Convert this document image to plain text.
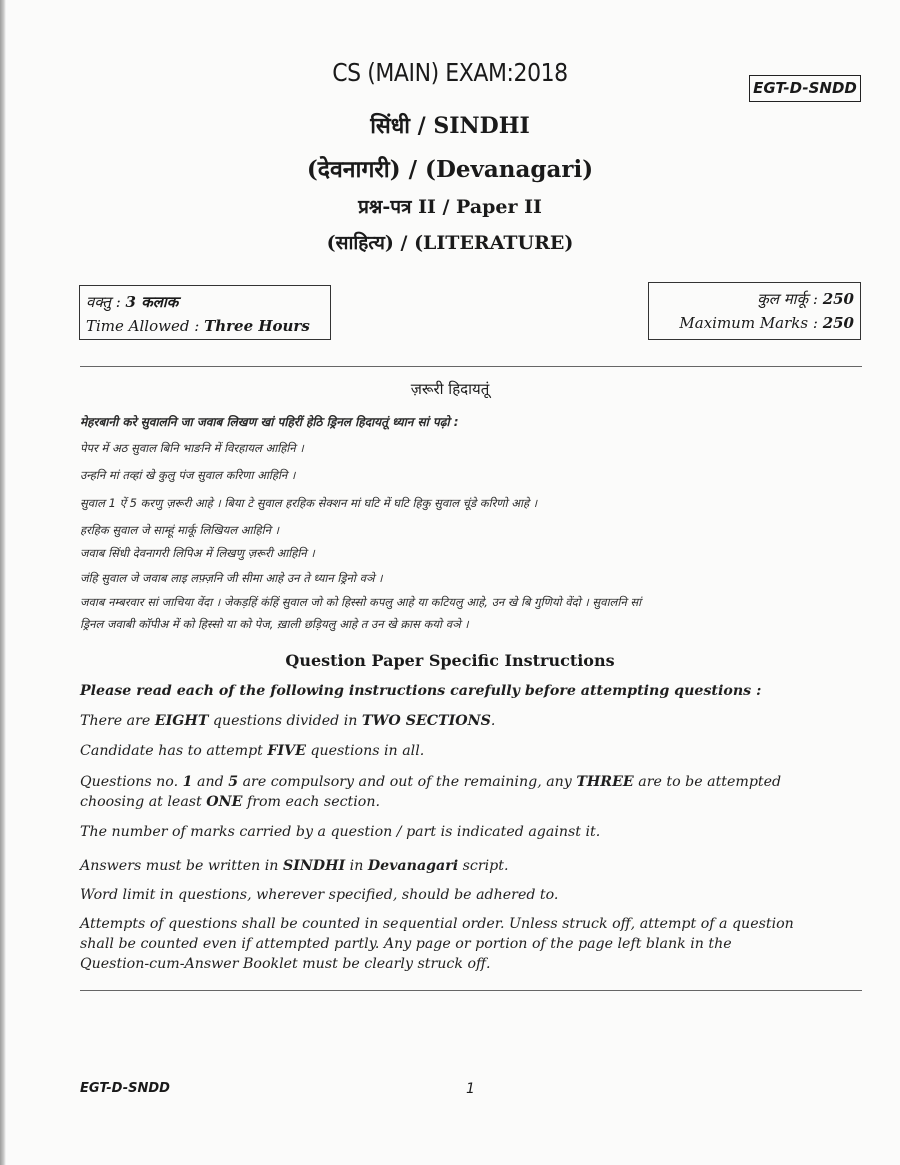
CS (MAIN) EXAM:2018
EGT-D-SNDD
सिंधी / SINDHI
(देवनागरी) / (Devanagari)
प्रश्न-पत्र II / Paper II
(साहित्य) / (LITERATURE)
वक्तु : 3 कलाक
Time Allowed : Three Hours
कुल मार्कू : 250
Maximum Marks : 250
ज़रूरी हिदायतूं
मेहरबानी करे सुवालनि जा जवाब लिखण खां पहिरीं हेठि ड्रिनल हिदायतूं ध्यान सां पढ़ो :
पेपर में अठ सुवाल बिनि भाङनि में विरहायल आहिनि ।
उन्हनि मां तव्हां खे कुलु पंज सुवाल करिणा आहिनि ।
सुवाल 1 ऐं 5 करणु ज़रूरी आहे । बिया टे सुवाल हरहिक सेक्शन मां घटि में घटि हिकु सुवाल चूंडे करिणो आहे ।
हरहिक सुवाल जे साम्हूं मार्कू लिखियल आहिनि ।
जवाब सिंधी देवनागरी लिपिअ में लिखणु ज़रूरी आहिनि ।
जंहि सुवाल जे जवाब लाइ लफ़्ज़नि जी सीमा आहे उन ते ध्यान ड्रिनो वञे ।
जवाब नम्बरवार सां जाचिया वेंदा । जेकड़हिं कंहिं सुवाल जो को हिस्सो कपलु आहे या कटियलु आहे, उन खे बि गुणियो वेंदो । सुवालनि सां
ड्रिनल जवाबी कॉपीअ में को हिस्सो या को पेज, ख़ाली छड़ियलु आहे त उन खे क्रास कयो वञे ।
Question Paper Specific Instructions
Please read each of the following instructions carefully before attempting questions :
There are EIGHT questions divided in TWO SECTIONS.
Candidate has to attempt FIVE questions in all.
Questions no. 1 and 5 are compulsory and out of the remaining, any THREE are to be attempted
choosing at least ONE from each section.
The number of marks carried by a question / part is indicated against it.
Answers must be written in SINDHI in Devanagari script.
Word limit in questions, wherever specified, should be adhered to.
Attempts of questions shall be counted in sequential order. Unless struck off, attempt of a question
shall be counted even if attempted partly. Any page or portion of the page left blank in the
Question-cum-Answer Booklet must be clearly struck off.
EGT-D-SNDD	1
